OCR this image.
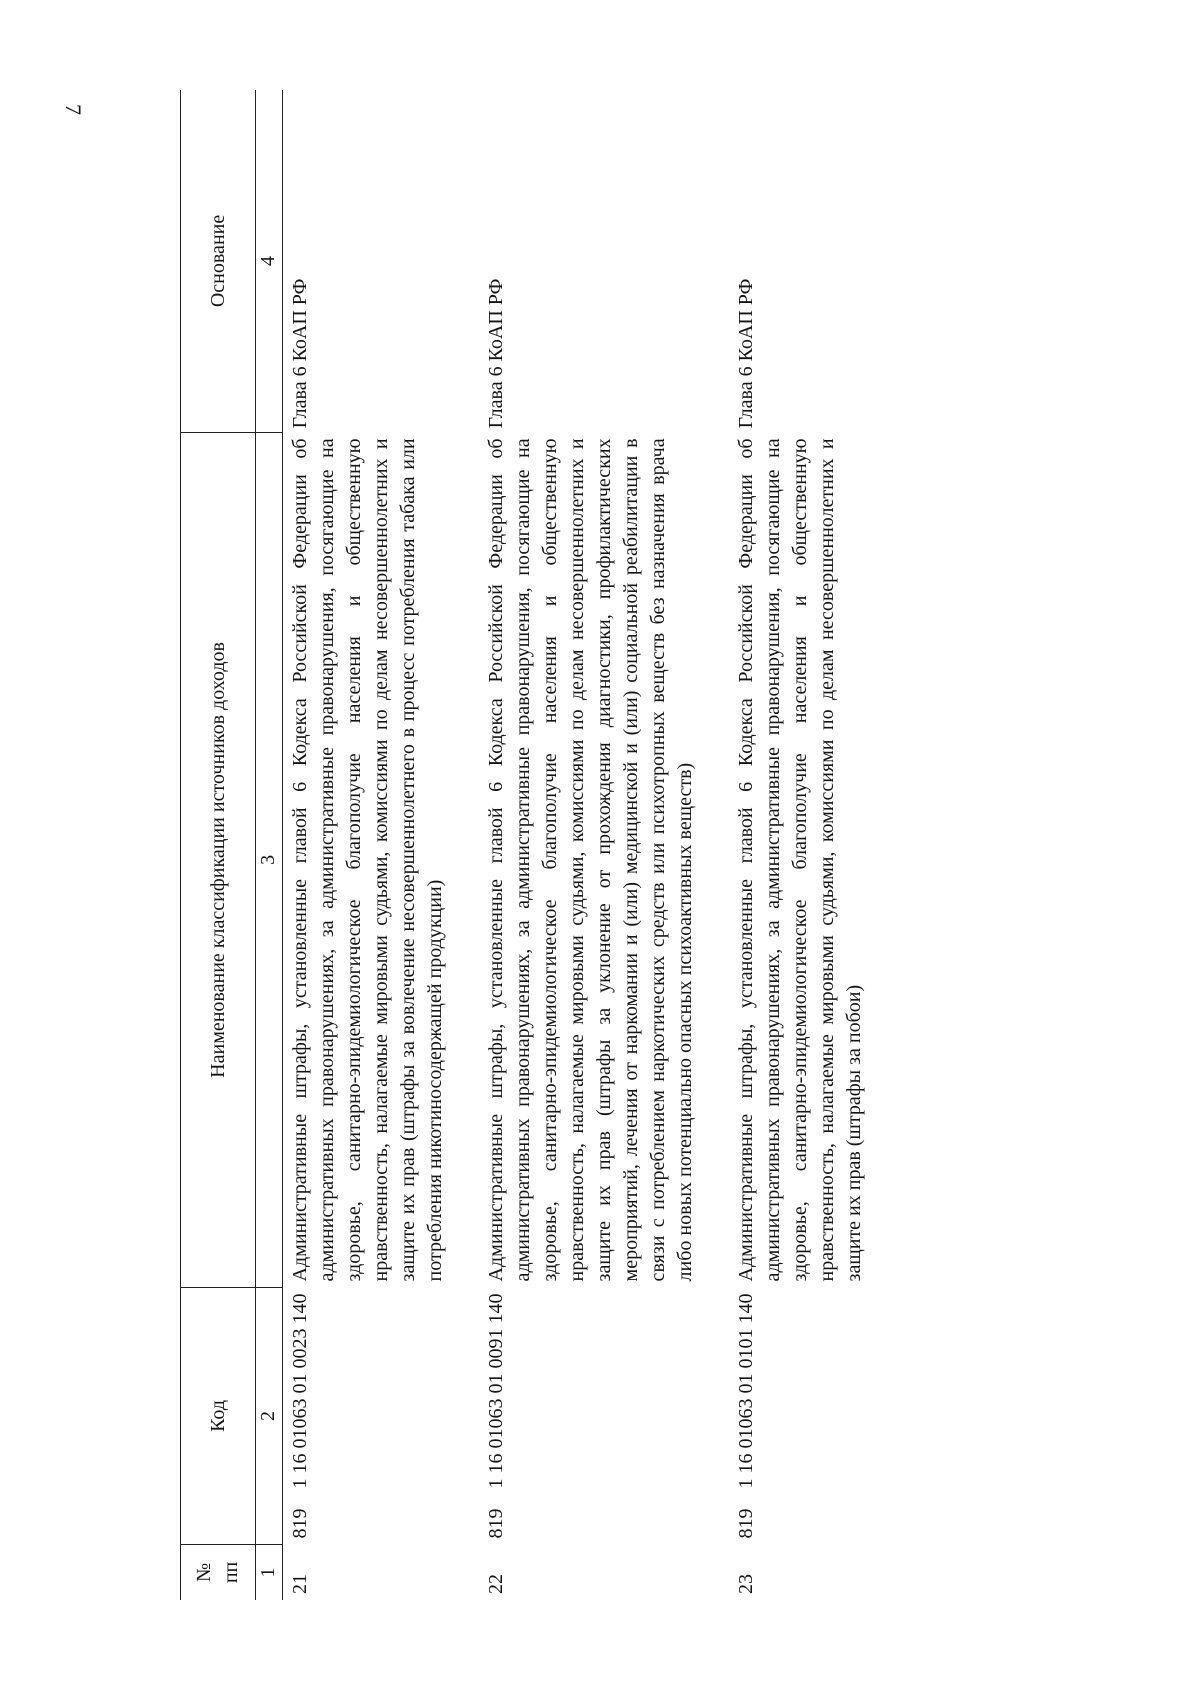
7
№
пп	Код	Наименование классификации источников доходов	Основание
1	2	3	4
21	8191 16 01063 01 0023 140	Административные штрафы, установленные главой 6 Кодекса Российской Федерации об административных правонарушениях, за административные правонарушения, посягающие на здоровье, санитарно-эпидемиологическое благополучие населения и общественную нравственность, налагаемые мировыми судьями, комиссиями по делам несовершеннолетних и защите их прав (штрафы за вовлечение несовершеннолетнего в процесс потребления табака или потребления никотиносодержащей продукции)	Глава 6 КоАП РФ

22	8191 16 01063 01 0091 140	Административные штрафы, установленные главой 6 Кодекса Российской Федерации об административных правонарушениях, за административные правонарушения, посягающие на здоровье, санитарно-эпидемиологическое благополучие населения и общественную нравственность, налагаемые мировыми судьями, комиссиями по делам несовершеннолетних и защите их прав (штрафы за уклонение от прохождения диагностики, профилактических мероприятий, лечения от наркомании и (или) медицинской и (или) социальной реабилитации в связи с потреблением наркотических средств или психотропных веществ без назначения врача либо новых потенциально опасных психоактивных веществ)	Глава 6 КоАП РФ

23	8191 16 01063 01 0101 140	Административные штрафы, установленные главой 6 Кодекса Российской Федерации об административных правонарушениях, за административные правонарушения, посягающие на здоровье, санитарно-эпидемиологическое благополучие населения и общественную нравственность, налагаемые мировыми судьями, комиссиями по делам несовершеннолетних и защите их прав (штрафы за побои)	Глава 6 КоАП РФ
